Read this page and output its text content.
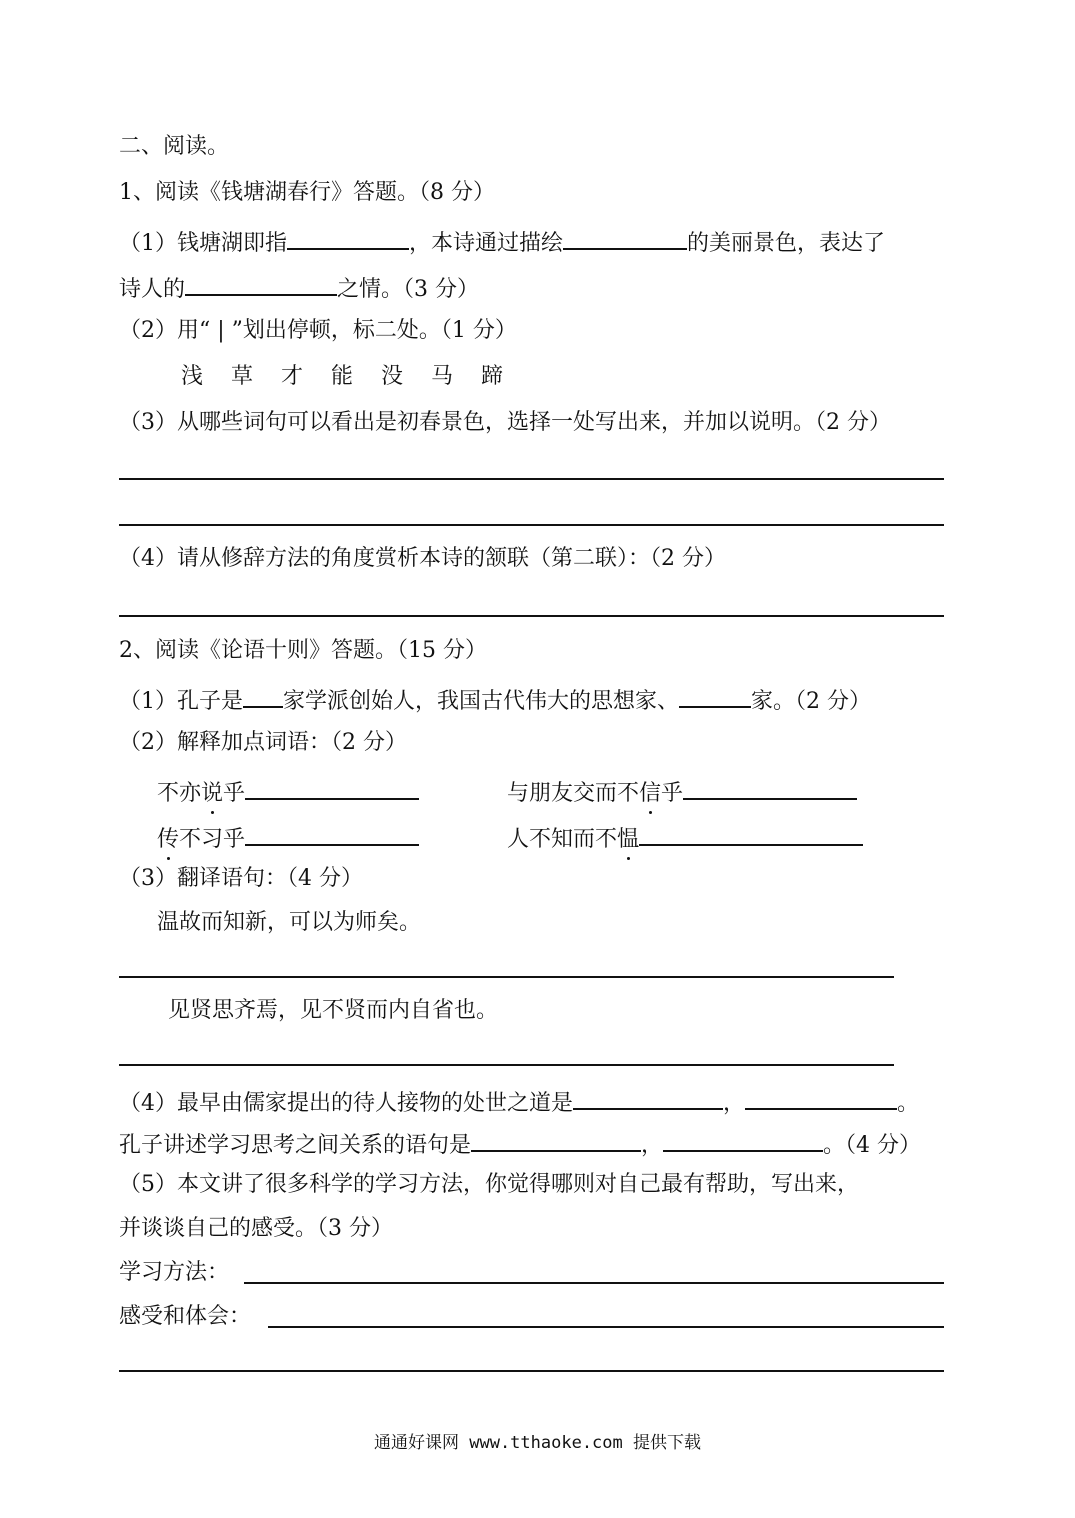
二、阅读。
1、阅读《钱塘湖春行》答题。（8 分）
（1）钱塘湖即指	，本诗通过描绘	的美丽景色，表达了
诗人的	之情。（3 分）
（2）用“ | ”划出停顿，标二处。（1 分）
浅 草 才 能 没 马 蹄
（3）从哪些词句可以看出是初春景色，选择一处写出来，并加以说明。（2 分）
（4）请从修辞方法的角度赏析本诗的颔联（第二联）：（2 分）
2、阅读《论语十则》答题。（15 分）
（1）孔子是 家学派创始人，我国古代伟大的思想家、	家。（2 分）
（2）解释加点词语：（2 分）
不亦说乎	与朋友交而不信乎
传不习乎	人不知而不愠
（3）翻译语句：（4 分）
温故而知新，可以为师矣。
见贤思齐焉，见不贤而内自省也。
（4）最早由儒家提出的待人接物的处世之道是	，	。
孔子讲述学习思考之间关系的语句是	，	。（4 分）
（5）本文讲了很多科学的学习方法，你觉得哪则对自己最有帮助，写出来，
并谈谈自己的感受。（3 分）
学习方法：
感受和体会：
通通好课网 www.tthaoke.com 提供下载
